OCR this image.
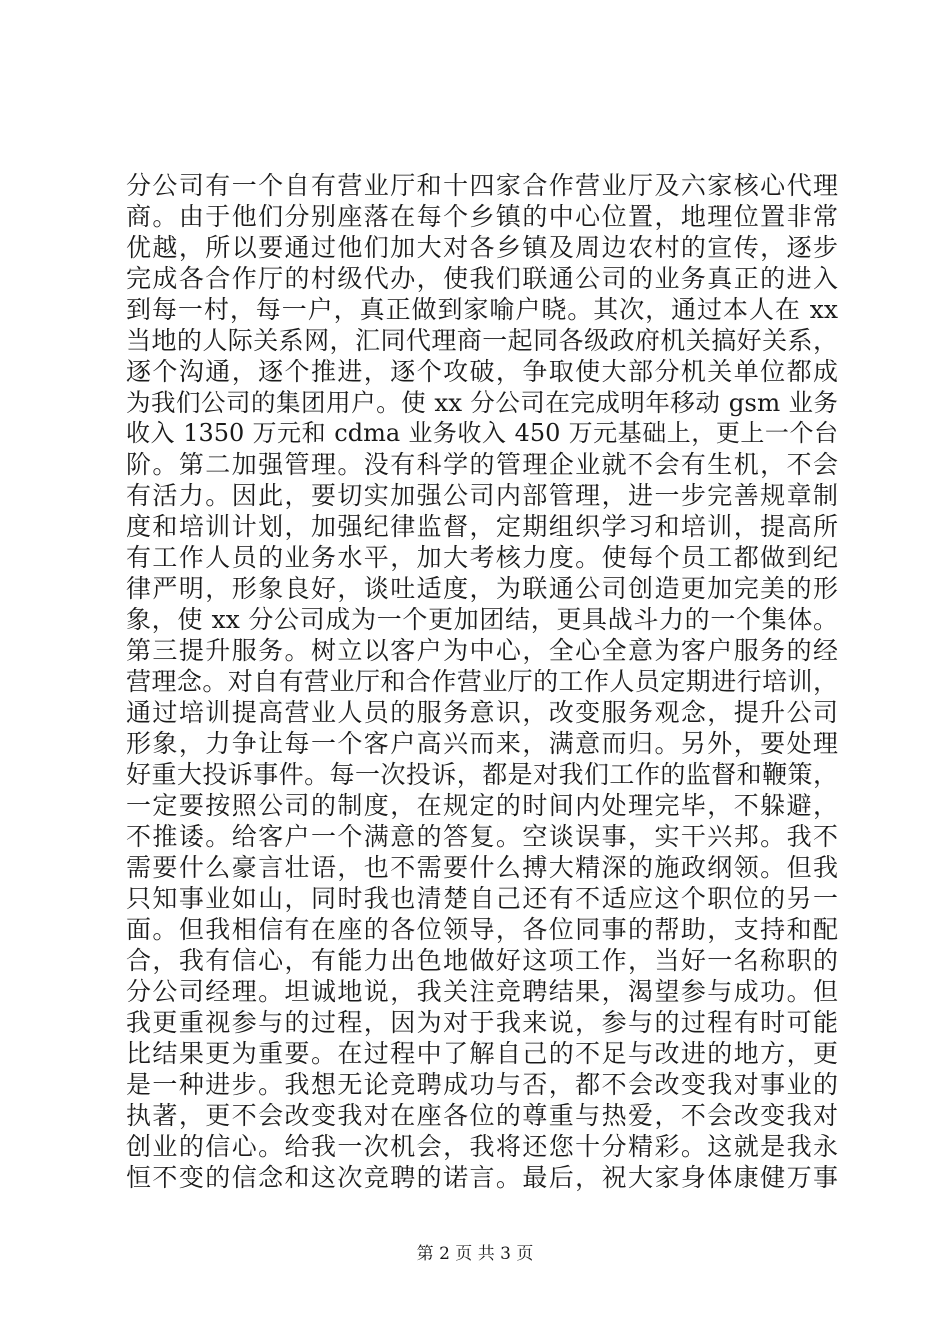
分公司有一个自有营业厅和十四家合作营业厅及六家核心代理
商。由于他们分别座落在每个乡镇的中心位置，地理位置非常
优越，所以要通过他们加大对各乡镇及周边农村的宣传，逐步
完成各合作厅的村级代办，使我们联通公司的业务真正的进入
到每一村，每一户，真正做到家喻户晓。其次，通过本人在 xx
当地的人际关系网，汇同代理商一起同各级政府机关搞好关系，
逐个沟通，逐个推进，逐个攻破，争取使大部分机关单位都成
为我们公司的集团用户。使 xx 分公司在完成明年移动 gsm 业务
收入 1350 万元和 cdma 业务收入 450 万元基础上，更上一个台
阶。第二加强管理。没有科学的管理企业就不会有生机，不会
有活力。因此，要切实加强公司内部管理，进一步完善规章制
度和培训计划，加强纪律监督，定期组织学习和培训，提高所
有工作人员的业务水平，加大考核力度。使每个员工都做到纪
律严明，形象良好，谈吐适度，为联通公司创造更加完美的形
象，使 xx 分公司成为一个更加团结，更具战斗力的一个集体。
第三提升服务。树立以客户为中心，全心全意为客户服务的经
营理念。对自有营业厅和合作营业厅的工作人员定期进行培训，
通过培训提高营业人员的服务意识，改变服务观念，提升公司
形象，力争让每一个客户高兴而来，满意而归。另外，要处理
好重大投诉事件。每一次投诉，都是对我们工作的监督和鞭策，
一定要按照公司的制度，在规定的时间内处理完毕，不躲避，
不推诿。给客户一个满意的答复。空谈误事，实干兴邦。我不
需要什么豪言壮语，也不需要什么搏大精深的施政纲领。但我
只知事业如山，同时我也清楚自己还有不适应这个职位的另一
面。但我相信有在座的各位领导，各位同事的帮助，支持和配
合，我有信心，有能力出色地做好这项工作，当好一名称职的
分公司经理。坦诚地说，我关注竞聘结果，渴望参与成功。但
我更重视参与的过程，因为对于我来说，参与的过程有时可能
比结果更为重要。在过程中了解自己的不足与改进的地方，更
是一种进步。我想无论竞聘成功与否，都不会改变我对事业的
执著，更不会改变我对在座各位的尊重与热爱，不会改变我对
创业的信心。给我一次机会，我将还您十分精彩。这就是我永
恒不变的信念和这次竞聘的诺言。最后，祝大家身体康健万事
第 2 页 共 3 页
